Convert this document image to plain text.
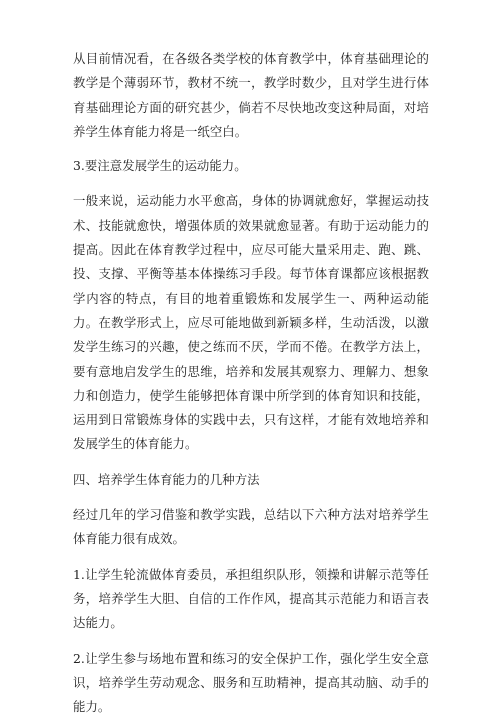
从目前情况看，在各级各类学校的体育教学中，体育基础理论的教学是个薄弱环节，教材不统一，教学时数少，且对学生进行体育基础理论方面的研究甚少，倘若不尽快地改变这种局面，对培养学生体育能力将是一纸空白。

3.要注意发展学生的运动能力。

一般来说，运动能力水平愈高，身体的协调就愈好，掌握运动技术、技能就愈快，增强体质的效果就愈显著。有助于运动能力的提高。因此在体育教学过程中，应尽可能大量采用走、跑、跳、投、支撑、平衡等基本体操练习手段。每节体育课都应该根据教学内容的特点，有目的地着重锻炼和发展学生一、两种运动能力。在教学形式上，应尽可能地做到新颖多样，生动活泼，以激发学生练习的兴趣，使之练而不厌，学而不倦。在教学方法上，要有意地启发学生的思维，培养和发展其观察力、理解力、想象力和创造力，使学生能够把体育课中所学到的体育知识和技能，运用到日常锻炼身体的实践中去，只有这样，才能有效地培养和发展学生的体育能力。

四、培养学生体育能力的几种方法

经过几年的学习借鉴和教学实践，总结以下六种方法对培养学生体育能力很有成效。

1.让学生轮流做体育委员，承担组织队形，领操和讲解示范等任务，培养学生大胆、自信的工作作风，提高其示范能力和语言表达能力。

2.让学生参与场地布置和练习的安全保护工作，强化学生安全意识，培养学生劳动观念、服务和互助精神，提高其动脑、动手的能力。
